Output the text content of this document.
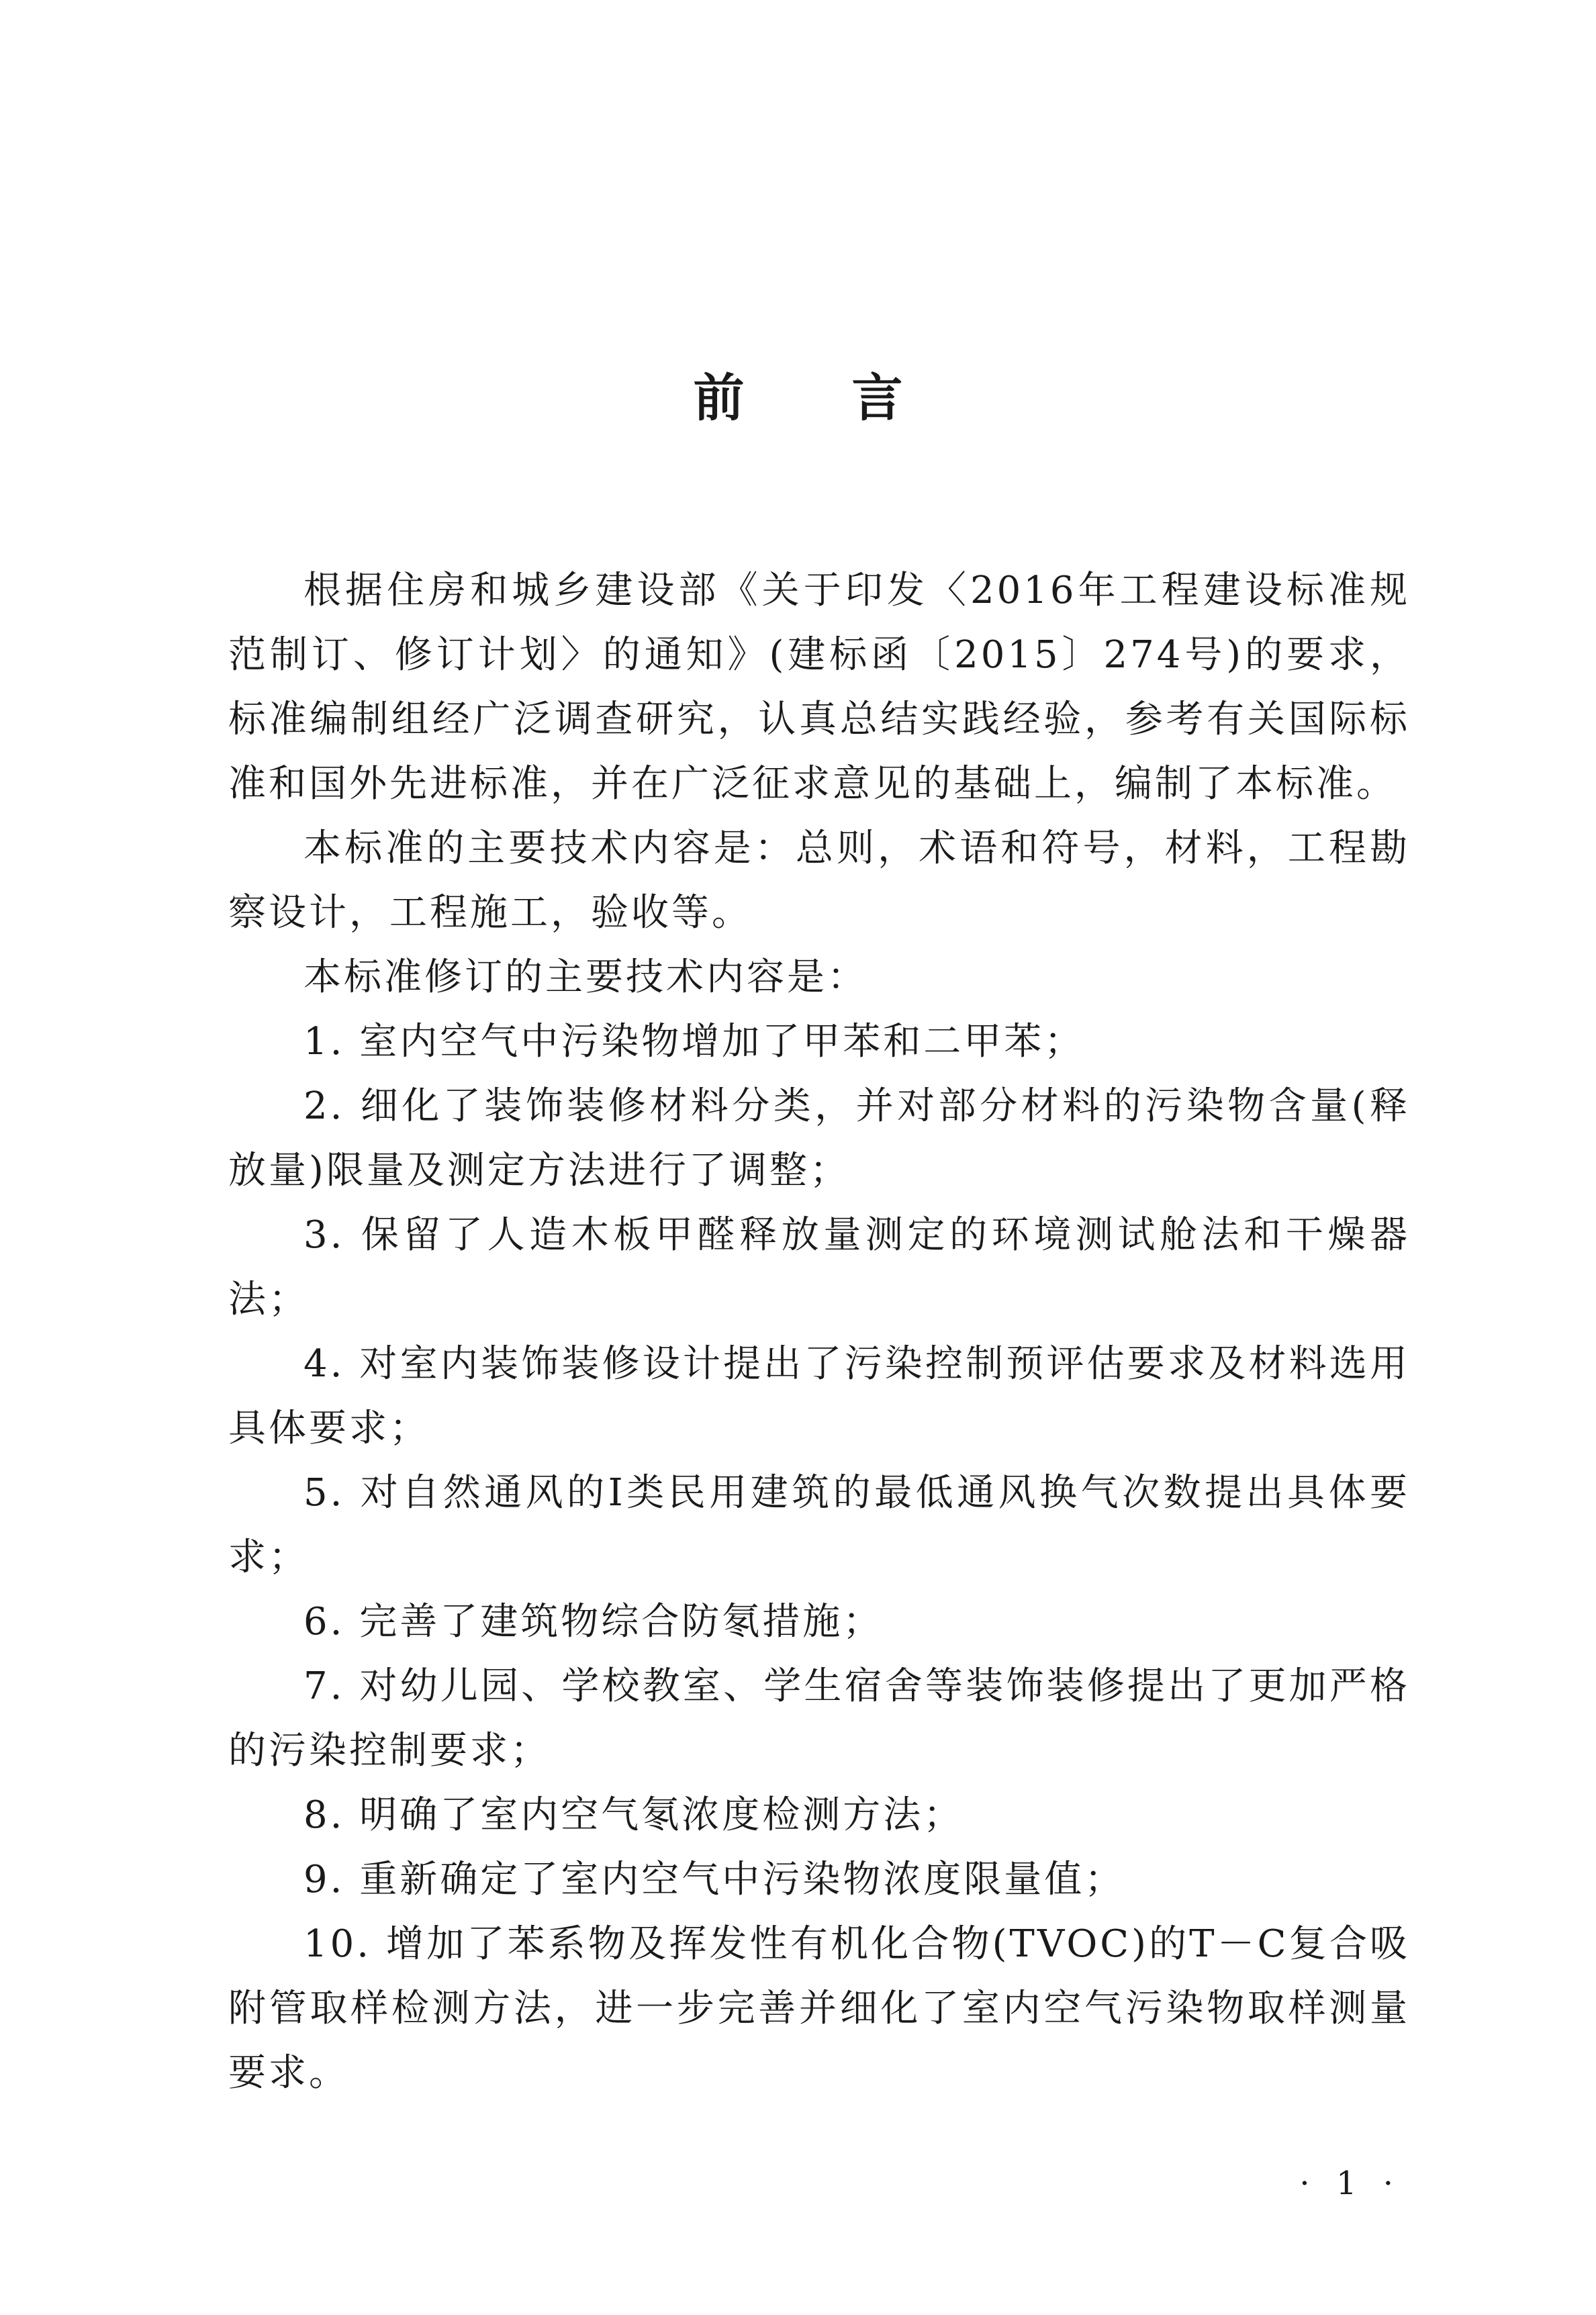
前言

根据住房和城乡建设部《关于印发〈2016年工程建设标准规范制订、修订计划〉的通知》(建标函〔2015〕274号)的要求，标准编制组经广泛调查研究，认真总结实践经验，参考有关国际标准和国外先进标准，并在广泛征求意见的基础上，编制了本标准。

本标准的主要技术内容是：总则，术语和符号，材料，工程勘察设计，工程施工，验收等。

本标准修订的主要技术内容是：

1. 室内空气中污染物增加了甲苯和二甲苯；

2. 细化了装饰装修材料分类，并对部分材料的污染物含量(释放量)限量及测定方法进行了调整；

3. 保留了人造木板甲醛释放量测定的环境测试舱法和干燥器法；

4. 对室内装饰装修设计提出了污染控制预评估要求及材料选用具体要求；

5. 对自然通风的Ⅰ类民用建筑的最低通风换气次数提出具体要求；

6. 完善了建筑物综合防氡措施；

7. 对幼儿园、学校教室、学生宿舍等装饰装修提出了更加严格的污染控制要求；

8. 明确了室内空气氡浓度检测方法；

9. 重新确定了室内空气中污染物浓度限量值；

10. 增加了苯系物及挥发性有机化合物(TVOC)的T－C复合吸附管取样检测方法，进一步完善并细化了室内空气污染物取样测量要求。

· 1 ·
